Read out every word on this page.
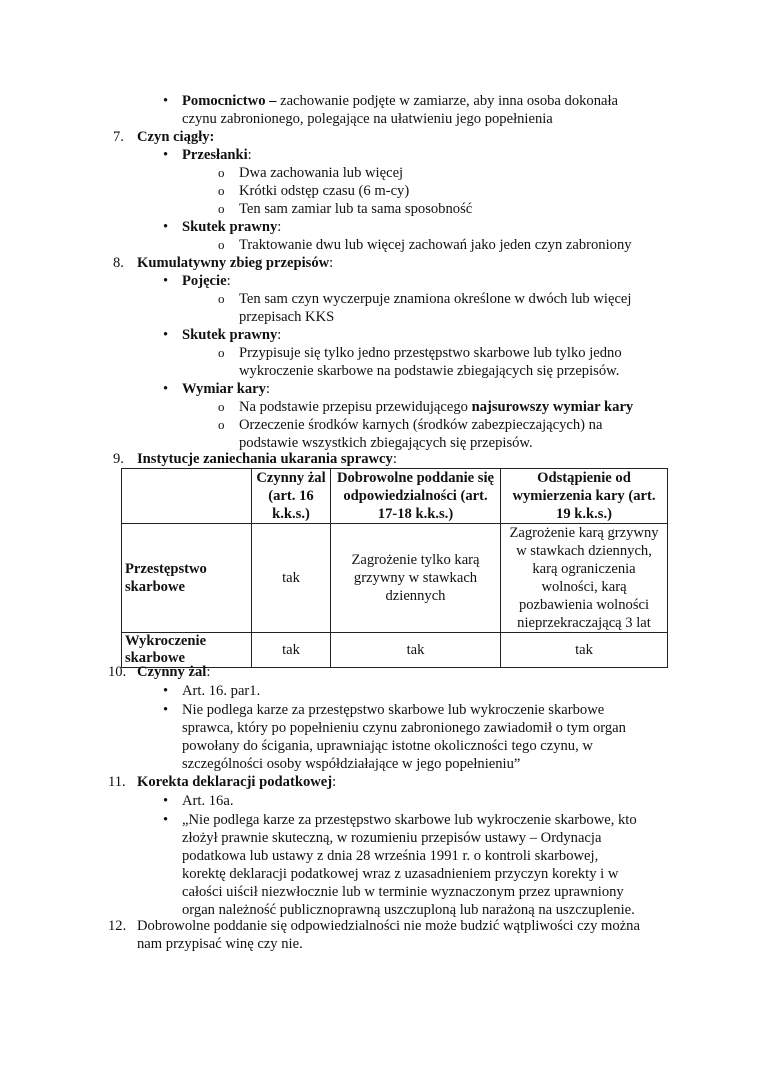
	Czynny żal (art. 16 k.k.s.)	Dobrowolne poddanie się odpowiedzialności (art. 17-18 k.k.s.)	Odstąpienie od wymierzenia kary (art. 19 k.k.s.)
Przestępstwo skarbowe	tak	Zagrożenie tylko karą grzywny w stawkach dziennych	Zagrożenie karą grzywny w stawkach dziennych, karą ograniczenia wolności, karą pozbawienia wolności nieprzekraczającą 3 lat
Wykroczenie skarbowe	tak	tak	tak
• Pomocnictwo – zachowanie podjęte w zamiarze, aby inna osoba dokonała
czynu zabronionego, polegające na ułatwieniu jego popełnienia
7. Czyn ciągły:
• Przesłanki:
o Dwa zachowania lub więcej
o Krótki odstęp czasu (6 m-cy)
o Ten sam zamiar lub ta sama sposobność
• Skutek prawny:
o Traktowanie dwu lub więcej zachowań jako jeden czyn zabroniony
8. Kumulatywny zbieg przepisów:
• Pojęcie:
o Ten sam czyn wyczerpuje znamiona określone w dwóch lub więcej
przepisach KKS
• Skutek prawny:
o Przypisuje się tylko jedno przestępstwo skarbowe lub tylko jedno
wykroczenie skarbowe na podstawie zbiegających się przepisów.
• Wymiar kary:
o Na podstawie przepisu przewidującego najsurowszy wymiar kary
o Orzeczenie środków karnych (środków zabezpieczających) na
podstawie wszystkich zbiegających się przepisów.
9. Instytucje zaniechania ukarania sprawcy:
10. Czynny żal:
• Art. 16. par1.
• Nie podlega karze za przestępstwo skarbowe lub wykroczenie skarbowe
sprawca, który po popełnieniu czynu zabronionego zawiadomił o tym organ
powołany do ścigania, uprawniając istotne okoliczności tego czynu, w
szczególności osoby współdziałające w jego popełnieniu”
11. Korekta deklaracji podatkowej:
• Art. 16a.
• „Nie podlega karze za przestępstwo skarbowe lub wykroczenie skarbowe, kto
złożył prawnie skuteczną, w rozumieniu przepisów ustawy – Ordynacja
podatkowa lub ustawy z dnia 28 września 1991 r. o kontroli skarbowej,
korektę deklaracji podatkowej wraz z uzasadnieniem przyczyn korekty i w
całości uiścił niezwłocznie lub w terminie wyznaczonym przez uprawniony
organ należność publicznoprawną uszczuploną lub narażoną na uszczuplenie.
12. Dobrowolne poddanie się odpowiedzialności nie może budzić wątpliwości czy można
nam przypisać winę czy nie.
